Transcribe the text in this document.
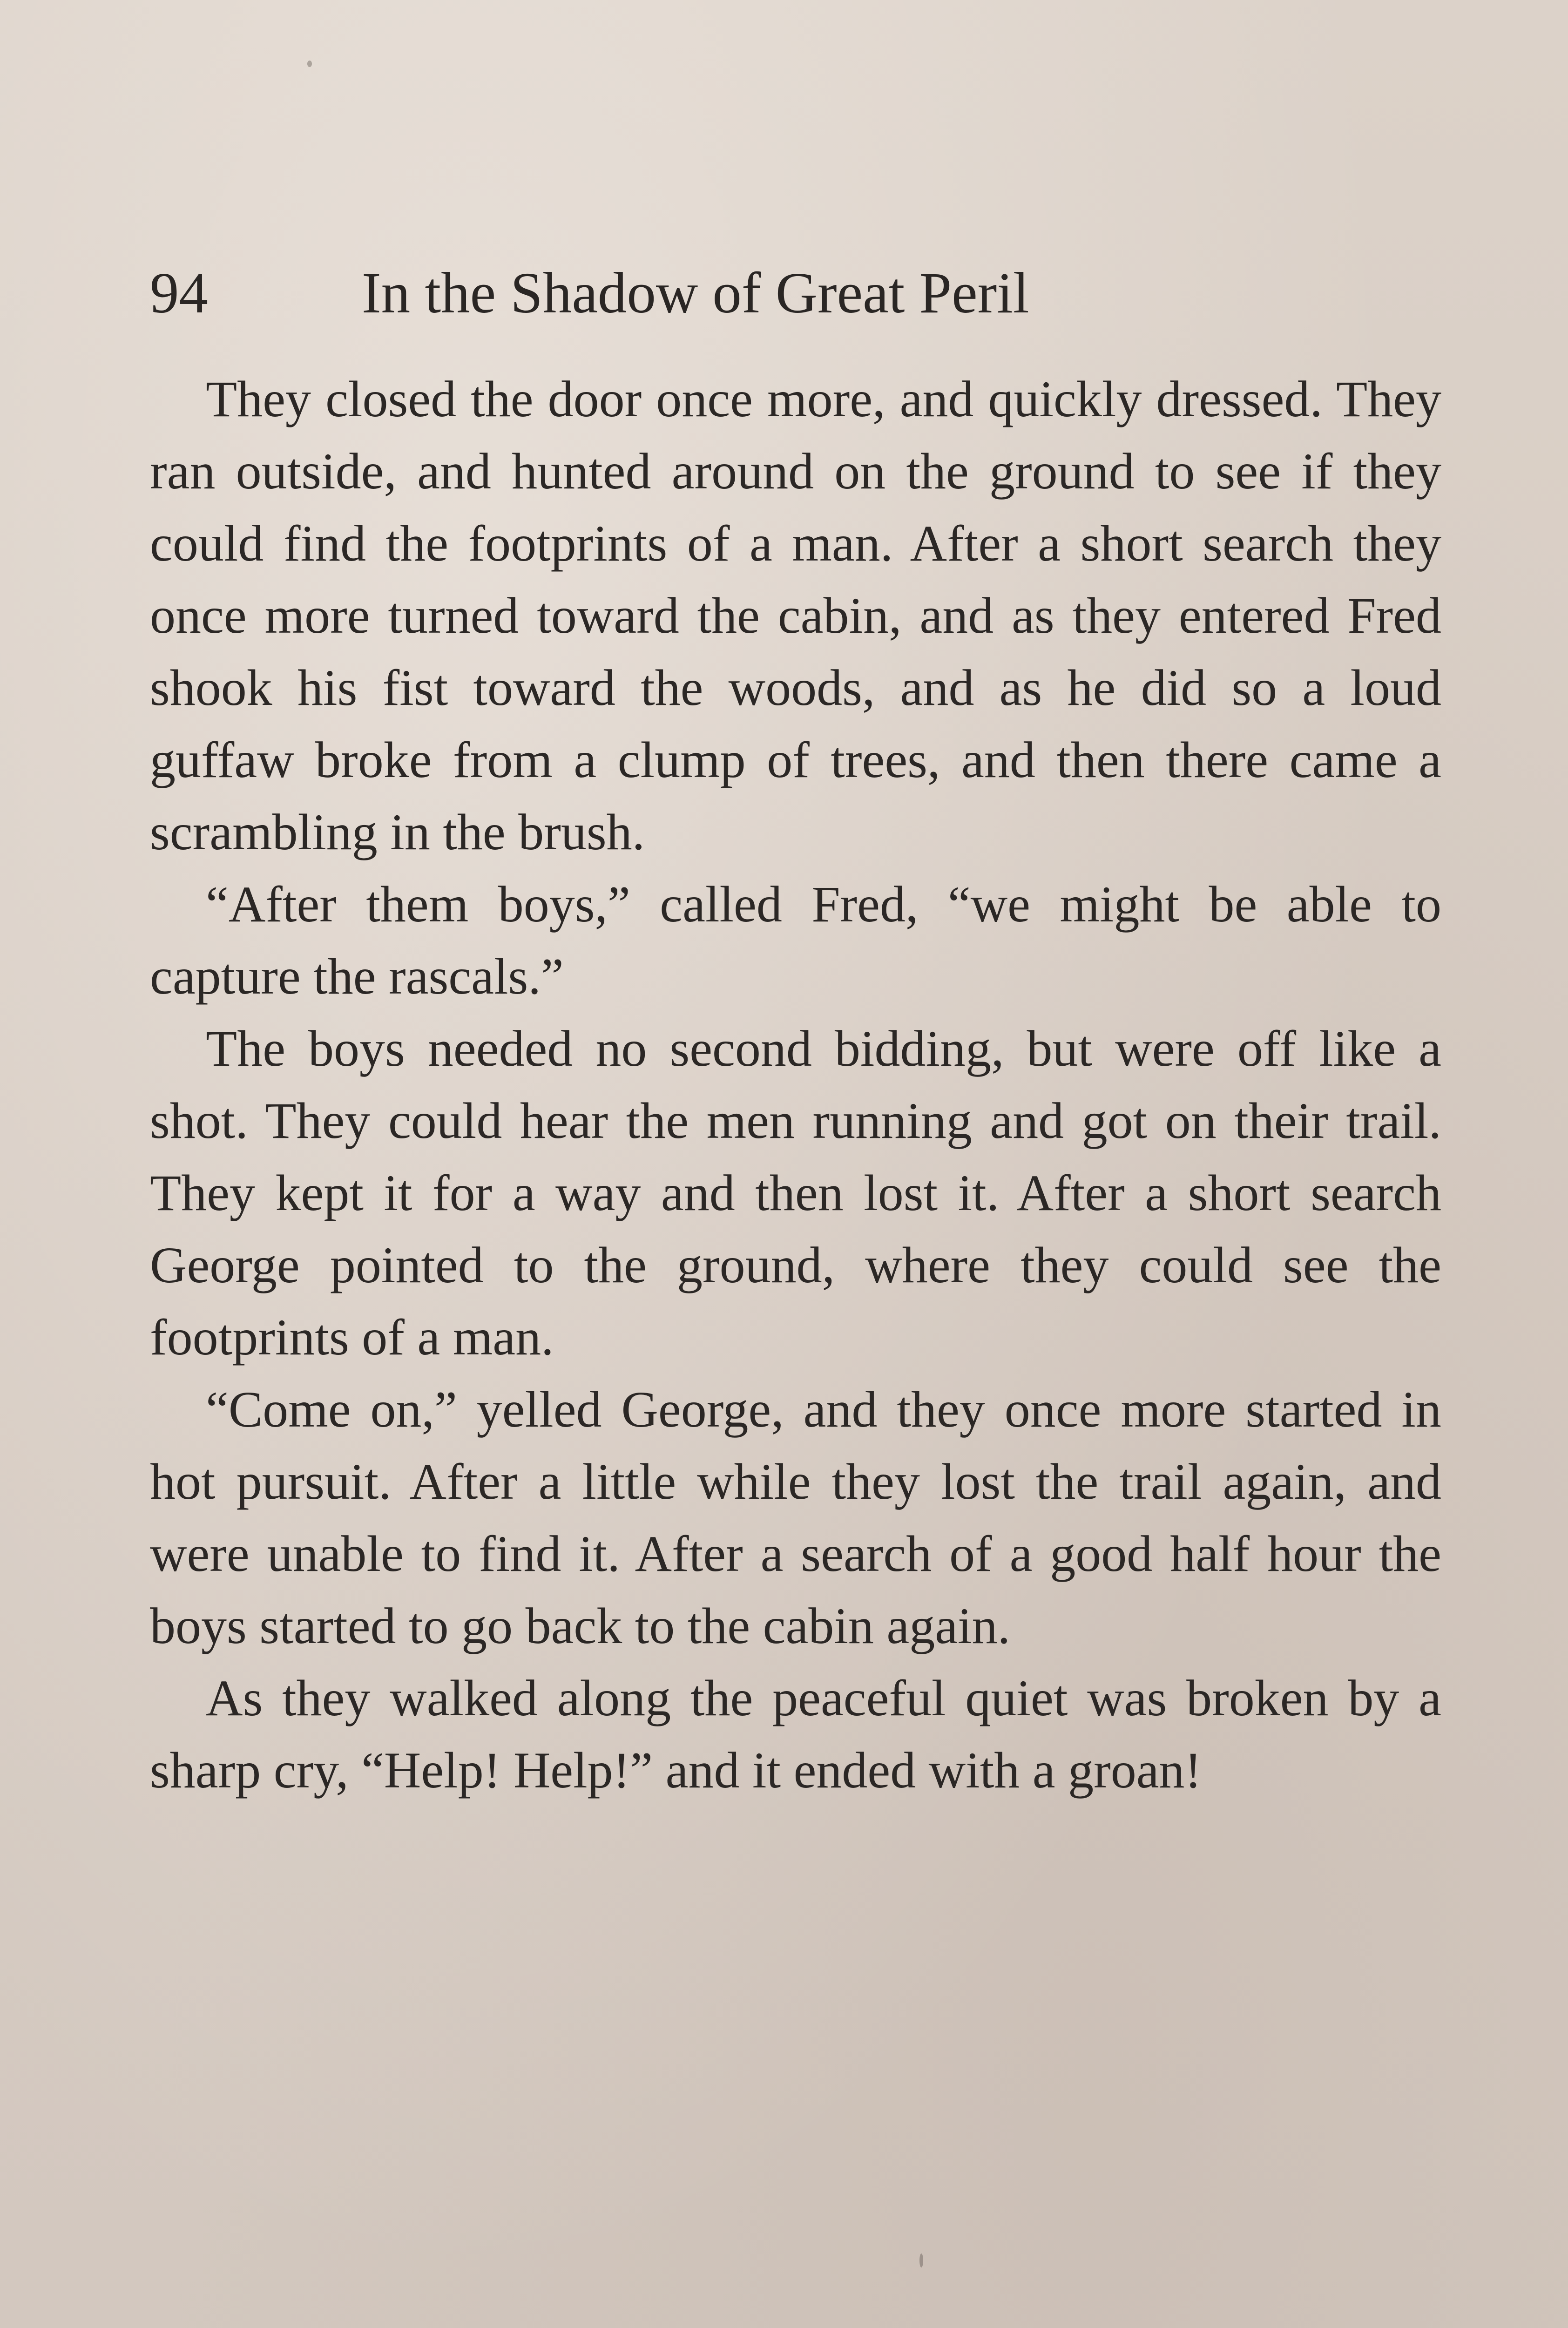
94	In the Shadow of Great Peril

They closed the door once more, and quickly dressed. They ran outside, and hunted around on the ground to see if they could find the footprints of a man. After a short search they once more turned toward the cabin, and as they entered Fred shook his fist toward the woods, and as he did so a loud guffaw broke from a clump of trees, and then there came a scrambling in the brush.

“After them boys,” called Fred, “we might be able to capture the rascals.”

The boys needed no second bidding, but were off like a shot. They could hear the men running and got on their trail. They kept it for a way and then lost it. After a short search George pointed to the ground, where they could see the footprints of a man.

“Come on,” yelled George, and they once more started in hot pursuit. After a little while they lost the trail again, and were unable to find it. After a search of a good half hour the boys started to go back to the cabin again.

As they walked along the peaceful quiet was broken by a sharp cry, “Help! Help!” and it ended with a groan!
